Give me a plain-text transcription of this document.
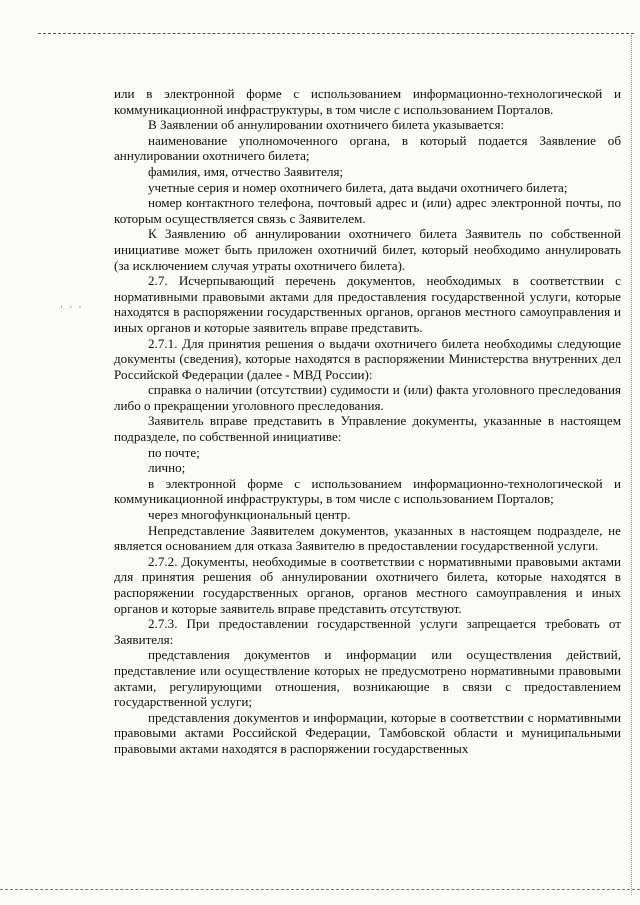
· · ·

или в электронной форме с использованием информационно-технологической и коммуникационной инфраструктуры, в том числе с использованием Порталов.

В Заявлении об аннулировании охотничего билета указывается:

наименование уполномоченного органа, в который подается Заявление об аннулировании охотничего билета;

фамилия, имя, отчество Заявителя;

учетные серия и номер охотничего билета, дата выдачи охотничего билета;

номер контактного телефона, почтовый адрес и (или) адрес электронной почты, по которым осуществляется связь с Заявителем.

К Заявлению об аннулировании охотничего билета Заявитель по собственной инициативе может быть приложен охотничий билет, который необходимо аннулировать (за исключением случая утраты охотничего билета).

2.7. Исчерпывающий перечень документов, необходимых в соответствии с нормативными правовыми актами для предоставления государственной услуги, которые находятся в распоряжении государственных органов, органов местного самоуправления и иных органов и которые заявитель вправе представить.

2.7.1. Для принятия решения о выдачи охотничего билета необходимы следующие документы (сведения), которые находятся в распоряжении Министерства внутренних дел Российской Федерации (далее - МВД России):

справка о наличии (отсутствии) судимости и (или) факта уголовного преследования либо о прекращении уголовного преследования.

Заявитель вправе представить в Управление документы, указанные в настоящем подразделе, по собственной инициативе:

по почте;

лично;

в электронной форме с использованием информационно-технологической и коммуникационной инфраструктуры, в том числе с использованием Порталов;

через многофункциональный центр.

Непредставление Заявителем документов, указанных в настоящем подразделе, не является основанием для отказа Заявителю в предоставлении государственной услуги.

2.7.2. Документы, необходимые в соответствии с нормативными правовыми актами для принятия решения об аннулировании охотничего билета, которые находятся в распоряжении государственных органов, органов местного самоуправления и иных органов и которые заявитель вправе представить отсутствуют.

2.7.3. При предоставлении государственной услуги запрещается требовать от Заявителя:

представления документов и информации или осуществления действий, представление или осуществление которых не предусмотрено нормативными правовыми актами, регулирующими отношения, возникающие в связи с предоставлением государственной услуги;

представления документов и информации, которые в соответствии с нормативными правовыми актами Российской Федерации, Тамбовской области и муниципальными правовыми актами находятся в распоряжении государственных
